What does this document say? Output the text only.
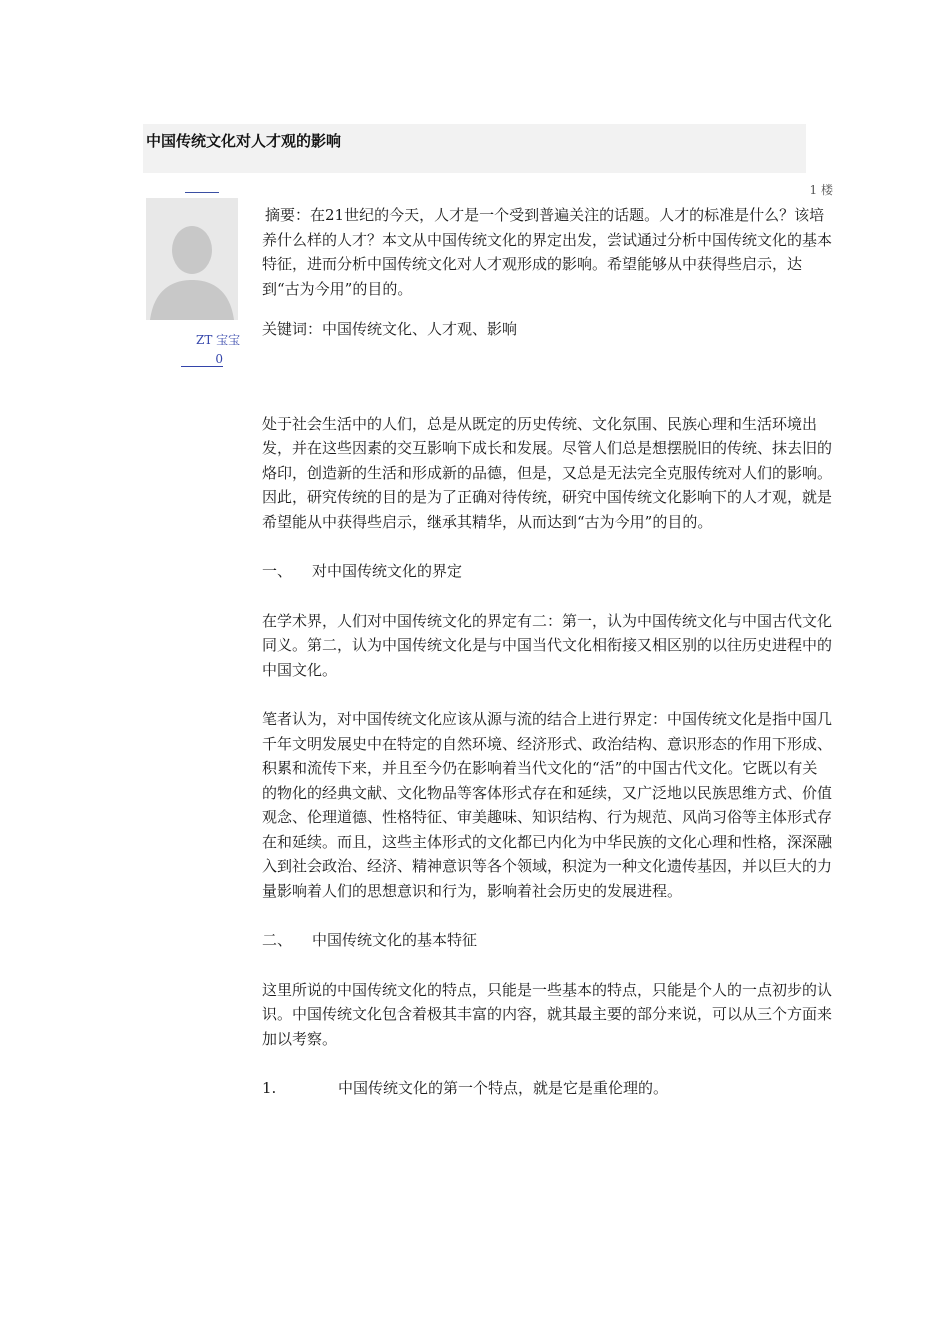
中国传统文化对人才观的影响
1 楼
ZT 宝宝
0

摘要：在21世纪的今天，人才是一个受到普遍关注的话题。人才的标准是什么？该培养什么样的人才？本文从中国传统文化的界定出发，尝试通过分析中国传统文化的基本特征，进而分析中国传统文化对人才观形成的影响。希望能够从中获得些启示，达到“古为今用”的目的。

关键词：中国传统文化、人才观、影响

处于社会生活中的人们，总是从既定的历史传统、文化氛围、民族心理和生活环境出发，并在这些因素的交互影响下成长和发展。尽管人们总是想摆脱旧的传统、抹去旧的烙印，创造新的生活和形成新的品德，但是，又总是无法完全克服传统对人们的影响。因此，研究传统的目的是为了正确对待传统，研究中国传统文化影响下的人才观，就是希望能从中获得些启示，继承其精华，从而达到“古为今用”的目的。

一、	对中国传统文化的界定

在学术界，人们对中国传统文化的界定有二：第一，认为中国传统文化与中国古代文化同义。第二，认为中国传统文化是与中国当代文化相衔接又相区别的以往历史进程中的中国文化。

笔者认为，对中国传统文化应该从源与流的结合上进行界定：中国传统文化是指中国几千年文明发展史中在特定的自然环境、经济形式、政治结构、意识形态的作用下形成、积累和流传下来，并且至今仍在影响着当代文化的“活”的中国古代文化。它既以有关的物化的经典文献、文化物品等客体形式存在和延续，又广泛地以民族思维方式、价值观念、伦理道德、性格特征、审美趣味、知识结构、行为规范、风尚习俗等主体形式存在和延续。而且，这些主体形式的文化都已内化为中华民族的文化心理和性格，深深融入到社会政治、经济、精神意识等各个领域，积淀为一种文化遗传基因，并以巨大的力量影响着人们的思想意识和行为，影响着社会历史的发展进程。

二、	中国传统文化的基本特征

这里所说的中国传统文化的特点，只能是一些基本的特点，只能是个人的一点初步的认识。中国传统文化包含着极其丰富的内容，就其最主要的部分来说，可以从三个方面来加以考察。

1.	中国传统文化的第一个特点，就是它是重伦理的。
